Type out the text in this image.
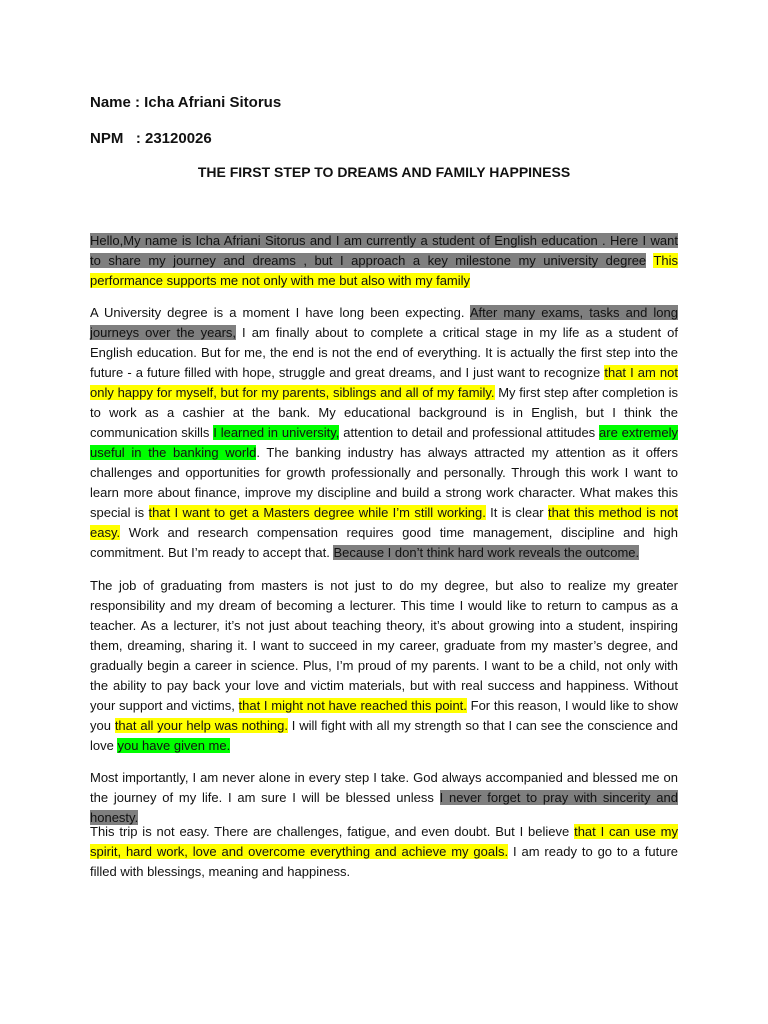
Name : Icha Afriani Sitorus
NPM   : 23120026
THE FIRST STEP TO DREAMS AND FAMILY HAPPINESS
Hello,My name is Icha Afriani Sitorus and I am currently a student of English education . Here I want to share my journey and dreams , but I approach a key milestone my university degree This performance supports me not only with me but also with my family
A University degree is a moment I have long been expecting. After many exams, tasks and long journeys over the years, I am finally about to complete a critical stage in my life as a student of English education. But for me, the end is not the end of everything. It is actually the first step into the future - a future filled with hope, struggle and great dreams, and I just want to recognize that I am not only happy for myself, but for my parents, siblings and all of my family. My first step after completion is to work as a cashier at the bank. My educational background is in English, but I think the communication skills I learned in university, attention to detail and professional attitudes are extremely useful in the banking world. The banking industry has always attracted my attention as it offers challenges and opportunities for growth professionally and personally. Through this work I want to learn more about finance, improve my discipline and build a strong work character. What makes this special is that I want to get a Masters degree while I’m still working. It is clear that this method is not easy. Work and research compensation requires good time management, discipline and high commitment. But I’m ready to accept that. Because I don’t think hard work reveals the outcome.
The job of graduating from masters is not just to do my degree, but also to realize my greater responsibility and my dream of becoming a lecturer. This time I would like to return to campus as a teacher. As a lecturer, it’s not just about teaching theory, it’s about growing into a student, inspiring them, dreaming, sharing it. I want to succeed in my career, graduate from my master’s degree, and gradually begin a career in science. Plus, I’m proud of my parents. I want to be a child, not only with the ability to pay back your love and victim materials, but with real success and happiness. Without your support and victims, that I might not have reached this point. For this reason, I would like to show you that all your help was nothing. I will fight with all my strength so that I can see the conscience and love you have given me.
Most importantly, I am never alone in every step I take. God always accompanied and blessed me on the journey of my life. I am sure I will be blessed unless I never forget to pray with sincerity and honesty.
This trip is not easy. There are challenges, fatigue, and even doubt. But I believe that I can use my spirit, hard work, love and overcome everything and achieve my goals. I am ready to go to a future filled with blessings, meaning and happiness.
